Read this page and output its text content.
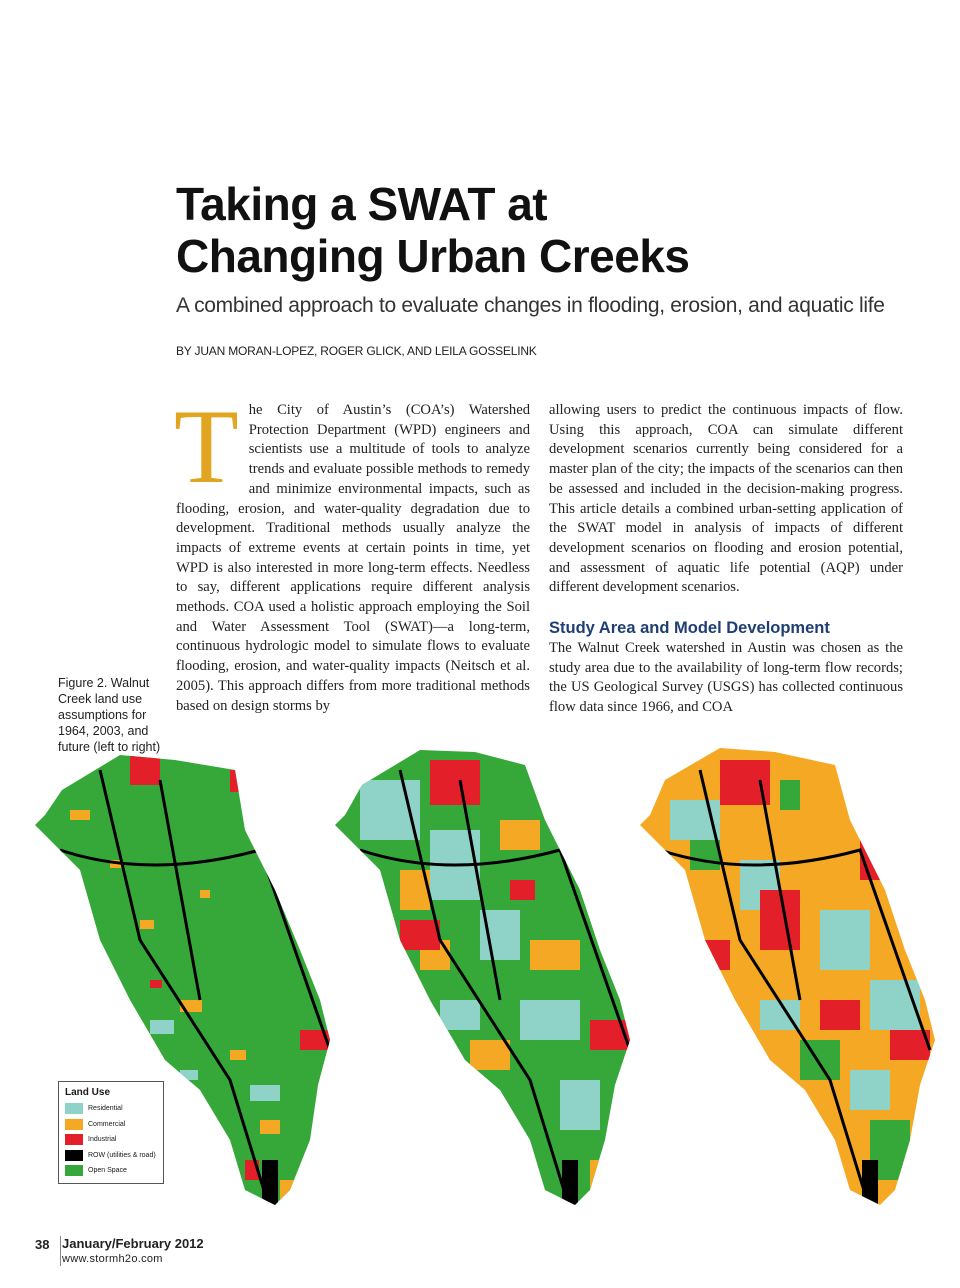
Taking a SWAT at
Changing Urban Creeks
A combined approach to evaluate changes in flooding, erosion, and aquatic life
BY JUAN MORAN-LOPEZ, ROGER GLICK, AND LEILA GOSSELINK
T he City of Austin’s (COA’s) Watershed Protection Department (WPD) engineers and scientists use a multitude of tools to analyze trends and evaluate possible methods to remedy and minimize environmental impacts, such as flooding, erosion, and water-quality degradation due to development. Traditional methods usually analyze the impacts of extreme events at certain points in time, yet WPD is also interested in more long-term effects. Needless to say, different applications require different analysis methods. COA used a holistic approach employing the Soil and Water Assessment Tool (SWAT)—a long-term, continuous hydrologic model to simulate flows to evaluate flooding, erosion, and water-quality impacts (Neitsch et al. 2005). This approach differs from more traditional methods based on design storms by

allowing users to predict the continuous impacts of flow. Using this approach, COA can simulate different development scenarios currently being considered for a master plan of the city; the impacts of the scenarios can then be assessed and included in the decision-making progress. This article details a combined urban-setting application of the SWAT model in analysis of impacts of different development scenarios on flooding and erosion potential, and assessment of aquatic life potential (AQP) under different development scenarios.

Study Area and Model Development

The Walnut Creek watershed in Austin was chosen as the study area due to the availability of long-term flow records; the US Geological Survey (USGS) has collected continuous flow data since 1966, and COA

Figure 2. Walnut Creek land use assumptions for 1964, 2003, and future (left to right)
Land Use
Residential
Commercial
Industrial
ROW (utilities & road)
Open Space
38 January/February 2012
www.stormh2o.com
